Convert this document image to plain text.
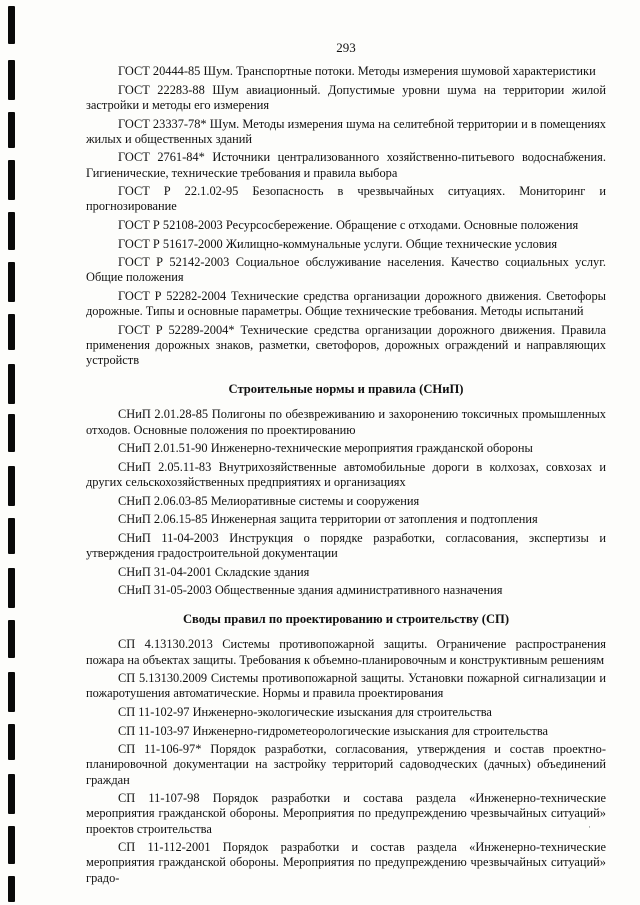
293

ГОСТ 20444-85 Шум. Транспортные потоки. Методы измерения шумовой характеристики

ГОСТ 22283-88 Шум авиационный. Допустимые уровни шума на территории жилой застройки и методы его измерения

ГОСТ 23337-78* Шум. Методы измерения шума на селитебной территории и в помещениях жилых и общественных зданий

ГОСТ 2761-84* Источники централизованного хозяйственно-питьевого водоснабжения. Гигиенические, технические требования и правила выбора

ГОСТ Р 22.1.02-95 Безопасность в чрезвычайных ситуациях. Мониторинг и прогнозирование

ГОСТ Р 52108-2003 Ресурсосбережение. Обращение с отходами. Основные положения

ГОСТ Р 51617-2000 Жилищно-коммунальные услуги. Общие технические условия

ГОСТ Р 52142-2003 Социальное обслуживание населения. Качество социальных услуг. Общие положения

ГОСТ Р 52282-2004 Технические средства организации дорожного движения. Светофоры дорожные. Типы и основные параметры. Общие технические требования. Методы испытаний

ГОСТ Р 52289-2004* Технические средства организации дорожного движения. Правила применения дорожных знаков, разметки, светофоров, дорожных ограждений и направляющих устройств

Строительные нормы и правила (СНиП)

СНиП 2.01.28-85 Полигоны по обезвреживанию и захоронению токсичных промышленных отходов. Основные положения по проектированию

СНиП 2.01.51-90 Инженерно-технические мероприятия гражданской обороны

СНиП 2.05.11-83 Внутрихозяйственные автомобильные дороги в колхозах, совхозах и других сельскохозяйственных предприятиях и организациях

СНиП 2.06.03-85 Мелиоративные системы и сооружения

СНиП 2.06.15-85 Инженерная защита территории от затопления и подтопления

СНиП 11-04-2003 Инструкция о порядке разработки, согласования, экспертизы и утверждения градостроительной документации

СНиП 31-04-2001 Складские здания

СНиП 31-05-2003 Общественные здания административного назначения

Своды правил по проектированию и строительству (СП)

СП 4.13130.2013 Системы противопожарной защиты. Ограничение распространения пожара на объектах защиты. Требования к объемно-планировочным и конструктивным решениям

СП 5.13130.2009 Системы противопожарной защиты. Установки пожарной сигнализации и пожаротушения автоматические. Нормы и правила проектирования

СП 11-102-97 Инженерно-экологические изыскания для строительства

СП 11-103-97 Инженерно-гидрометеорологические изыскания для строительства

СП 11-106-97* Порядок разработки, согласования, утверждения и состав проектно-планировочной документации на застройку территорий садоводческих (дачных) объединений граждан

СП 11-107-98 Порядок разработки и состава раздела «Инженерно-технические мероприятия гражданской обороны. Мероприятия по предупреждению чрезвычайных ситуаций» проектов строительства

СП 11-112-2001 Порядок разработки и состав раздела «Инженерно-технические мероприятия гражданской обороны. Мероприятия по предупреждению чрезвычайных ситуаций» градо-

·
